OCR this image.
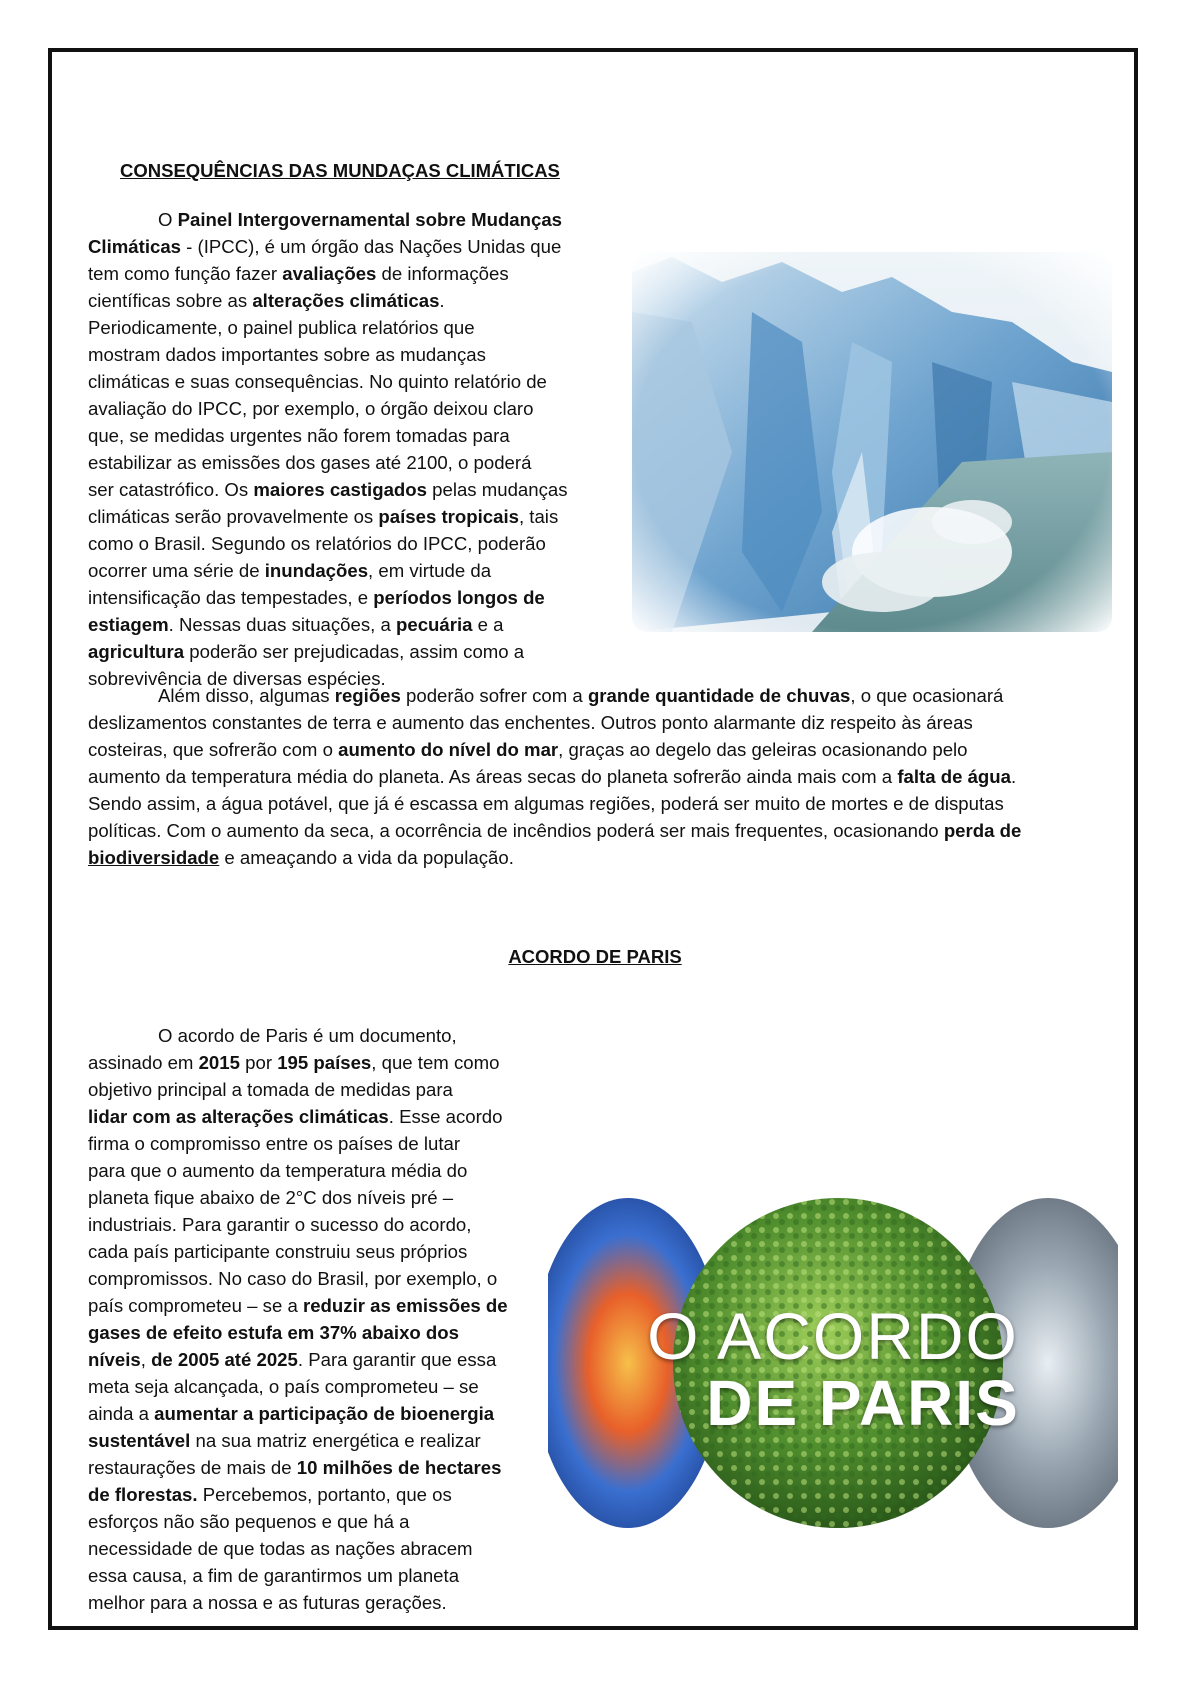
CONSEQUÊNCIAS DAS MUNDAÇAS CLIMÁTICAS
O Painel Intergovernamental sobre Mudanças
Climáticas - (IPCC), é um órgão das Nações Unidas que
tem como função fazer avaliações de informações
científicas sobre as alterações climáticas.
Periodicamente, o painel publica relatórios que
mostram dados importantes sobre as mudanças
climáticas e suas consequências. No quinto relatório de
avaliação do IPCC, por exemplo, o órgão deixou claro
que, se medidas urgentes não forem tomadas para
estabilizar as emissões dos gases até 2100, o poderá
ser catastrófico. Os maiores castigados pelas mudanças
climáticas serão provavelmente os países tropicais, tais
como o Brasil. Segundo os relatórios do IPCC, poderão
ocorrer uma série de inundações, em virtude da
intensificação das tempestades, e períodos longos de
estiagem. Nessas duas situações, a pecuária e a
agricultura poderão ser prejudicadas, assim como a
sobrevivência de diversas espécies.
Além disso, algumas regiões poderão sofrer com a grande quantidade de chuvas, o que ocasionará
deslizamentos constantes de terra e aumento das enchentes. Outros ponto alarmante diz respeito às áreas
costeiras, que sofrerão com o aumento do nível do mar, graças ao degelo das geleiras ocasionando pelo
aumento da temperatura média do planeta. As áreas secas do planeta sofrerão ainda mais com a falta de água.
Sendo assim, a água potável, que já é escassa em algumas regiões, poderá ser muito de mortes e de disputas
políticas. Com o aumento da seca, a ocorrência de incêndios poderá ser mais frequentes, ocasionando perda de
biodiversidade e ameaçando a vida da população.
ACORDO DE PARIS
O acordo de Paris é um documento,
assinado em 2015 por 195 países, que tem como
objetivo principal a tomada de medidas para
lidar com as alterações climáticas. Esse acordo
firma o compromisso entre os países de lutar
para que o aumento da temperatura média do
planeta fique abaixo de 2°C dos níveis pré –
industriais. Para garantir o sucesso do acordo,
cada país participante construiu seus próprios
compromissos. No caso do Brasil, por exemplo, o
país comprometeu – se a reduzir as emissões de
gases de efeito estufa em 37% abaixo dos
níveis, de 2005 até 2025. Para garantir que essa
meta seja alcançada, o país comprometeu – se
ainda a aumentar a participação de bioenergia
sustentável na sua matriz energética e realizar
restaurações de mais de 10 milhões de hectares
de florestas. Percebemos, portanto, que os
esforços não são pequenos e que há a
necessidade de que todas as nações abracem
essa causa, a fim de garantirmos um planeta
melhor para a nossa e as futuras gerações.
O ACORDO
DE PARIS
